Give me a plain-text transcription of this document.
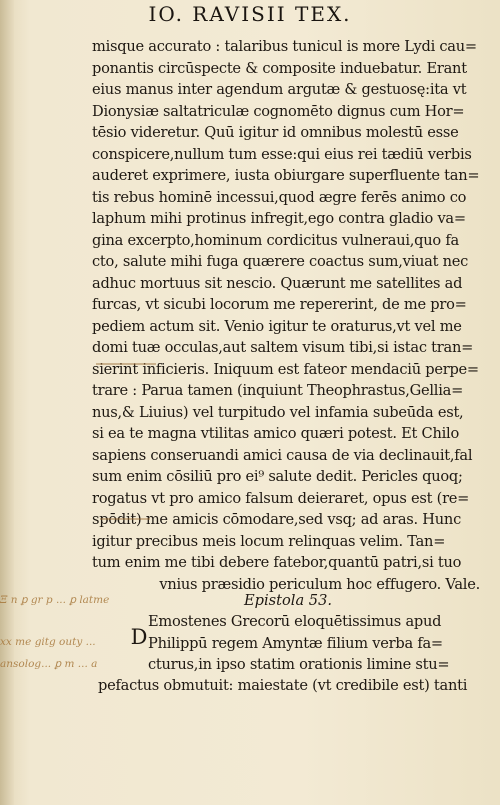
IO. RAVISII TEX.
misque accurato : talaribus tunicul is more Lydi cau=
ponantis circūspecte & composite induebatur. Erant
eius manus inter agendum argutæ & gestuosę:ita vt
Dionysiæ saltatriculæ cognomēto dignus cum Hor=
tēsio videretur. Quū igitur id omnibus molestū esse
conspicere,nullum tum esse:qui eius rei tædiū verbis
auderet exprimere, iusta obiurgare superfluente tan=
tis rebus hominē incessui,quod ægre ferēs animo co
laphum mihi protinus infregit,ego contra gladio va=
gina excerpto,hominum cordicitus vulneraui,quo fa
cto, salute mihi fuga quærere coactus sum,viuat nec
adhuc mortuus sit nescio. Quærunt me satellites ad
furcas, vt sicubi locorum me repererint, de me pro=
pediem actum sit. Venio igitur te oraturus,vt vel me
domi tuæ occulas,aut saltem visum tibi,si istac tran=
sierint inficieris. Iniquum est fateor mendaciū perpe=
trare : Parua tamen (inquiunt Theophrastus,Gellia=
nus,& Liuius) vel turpitudo vel infamia subeūda est,
si ea te magna vtilitas amico quæri potest. Et Chilo
sapiens conseruandi amici causa de via declinauit,fal
sum enim cōsiliū pro ei⁹ salute dedit. Pericles quoq;
rogatus vt pro amico falsum deieraret, opus est (re=
spōdit) me amicis cōmodare,sed vsq; ad aras. Hunc
igitur precibus meis locum relinquas velim. Tan=
tum enim me tibi debere fatebor,quantū patri,si tuo
vnius præsidio periculum hoc effugero. Vale.
Epistola 53.
D
Emostenes Grecorū eloquētissimus apud
Philippū regem Amyntæ filium verba fa=
cturus,in ipso statim orationis limine stu=
pefactus obmutuit: maiestate (vt credibile est) tanti
Ξ n ꝑ gr p ... ꝑ latme
xx me gitg outy ...
ansolog... ꝑ m ... a
